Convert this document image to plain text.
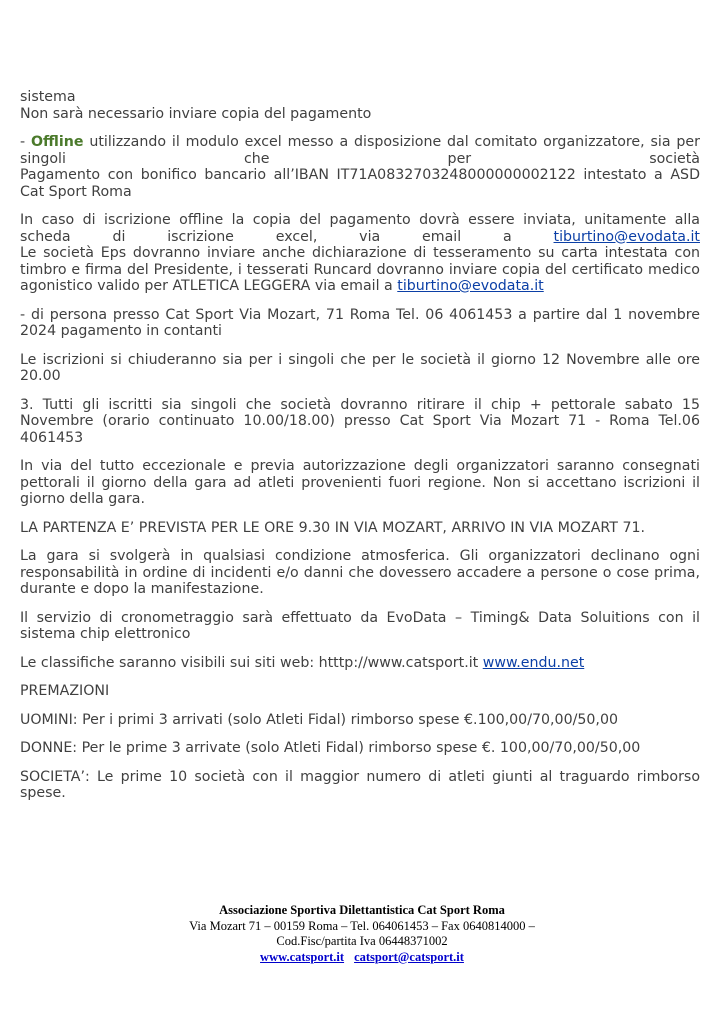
sistema
Non sarà necessario inviare copia del pagamento

- Offline utilizzando il modulo excel messo a disposizione dal comitato organizzatore, sia per singoli che per società
Pagamento con bonifico bancario all’IBAN IT71A0832703248000000002122 intestato a ASD Cat Sport Roma

In caso di iscrizione offline la copia del pagamento dovrà essere inviata, unitamente alla scheda di iscrizione excel, via email a tiburtino@evodata.it
Le società Eps dovranno inviare anche dichiarazione di tesseramento su carta intestata con timbro e firma del Presidente, i tesserati Runcard dovranno inviare copia del certificato medico agonistico valido per ATLETICA LEGGERA via email a tiburtino@evodata.it

- di persona presso Cat Sport Via Mozart, 71 Roma Tel. 06 4061453 a partire dal 1 novembre 2024 pagamento in contanti

Le iscrizioni si chiuderanno sia per i singoli che per le società il giorno 12 Novembre alle ore 20.00

3. Tutti gli iscritti sia singoli che società dovranno ritirare il chip + pettorale sabato 15 Novembre (orario continuato 10.00/18.00) presso Cat Sport Via Mozart 71 - Roma Tel.06 4061453

In via del tutto eccezionale e previa autorizzazione degli organizzatori saranno consegnati pettorali il giorno della gara ad atleti provenienti fuori regione. Non si accettano iscrizioni il giorno della gara.

LA PARTENZA E’ PREVISTA PER LE ORE 9.30 IN VIA MOZART, ARRIVO IN VIA MOZART 71.

La gara si svolgerà in qualsiasi condizione atmosferica. Gli organizzatori declinano ogni responsabilità in ordine di incidenti e/o danni che dovessero accadere a persone o cose prima, durante e dopo la manifestazione.

Il servizio di cronometraggio sarà effettuato da EvoData – Timing& Data Soluitions con il sistema chip elettronico

Le classifiche saranno visibili sui siti web: htttp://www.catsport.it www.endu.net

PREMAZIONI

UOMINI: Per i primi 3 arrivati (solo Atleti Fidal) rimborso spese €.100,00/70,00/50,00

DONNE: Per le prime 3 arrivate (solo Atleti Fidal) rimborso spese €. 100,00/70,00/50,00

SOCIETA’: Le prime 10 società con il maggior numero di atleti giunti al traguardo rimborso spese.

Associazione Sportiva Dilettantistica Cat Sport Roma
Via Mozart 71 – 00159 Roma – Tel. 064061453 – Fax 0640814000 –
Cod.Fisc/partita Iva 06448371002
www.catsport.it catsport@catsport.it
